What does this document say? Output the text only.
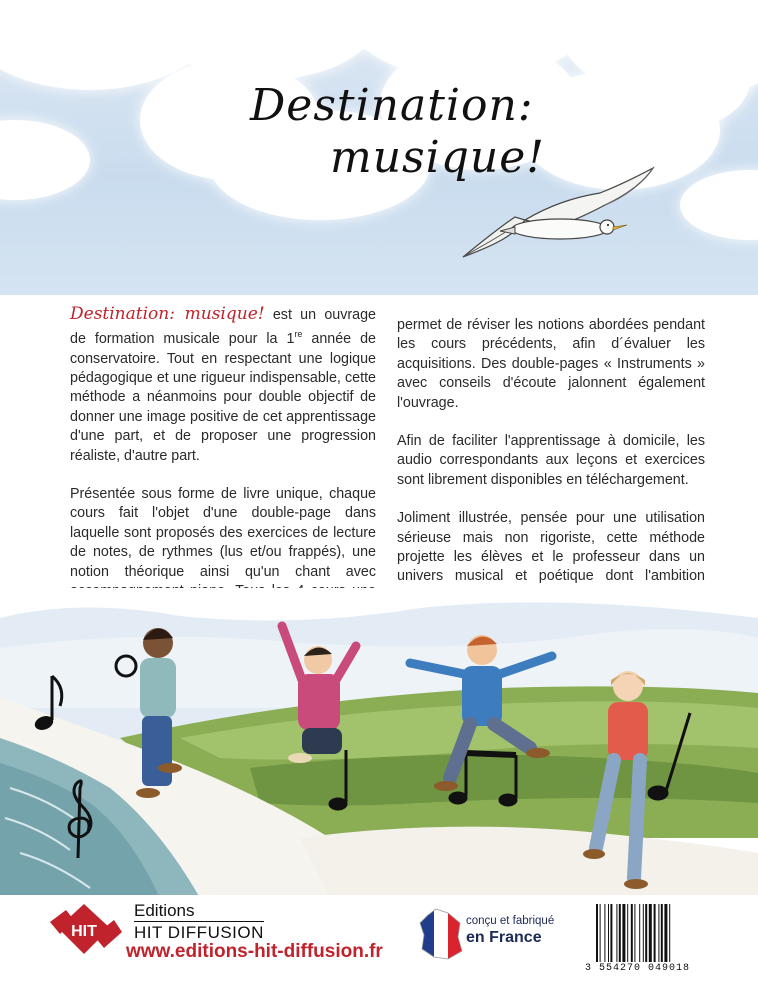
Destination:
musique!

Destination: musique! est un ouvrage de formation musicale pour la 1re année de conservatoire. Tout en respectant une logique pédagogique et une rigueur indispensable, cette méthode a néanmoins pour double objectif de donner une image positive de cet apprentissage d'une part, et de proposer une progression réaliste, d'autre part.

Présentée sous forme de livre unique, chaque cours fait l'objet d'une double-page dans laquelle sont proposés des exercices de lecture de notes, de rythmes (lus et/ou frappés), une notion théorique ainsi qu'un chant avec

permet de réviser les notions abordées pendant les cours précédents, afin d´évaluer les acquisitions. Des double-pages « Instruments » avec conseils d'écoute jalonnent également l'ouvrage.

Afin de faciliter l'apprentissage à domicile, les audio correspondants aux leçons et exercices sont librement disponibles en téléchargement.

Joliment illustrée, pensée pour une utilisation sérieuse mais non rigoriste, cette méthode projette les élèves et le professeur dans un univers musical et poétique dont l'ambition

HIT
Editions
HIT DIFFUSION
www.editions-hit-diffusion.fr
conçu et fabriqué
en France
3 554270 049018
